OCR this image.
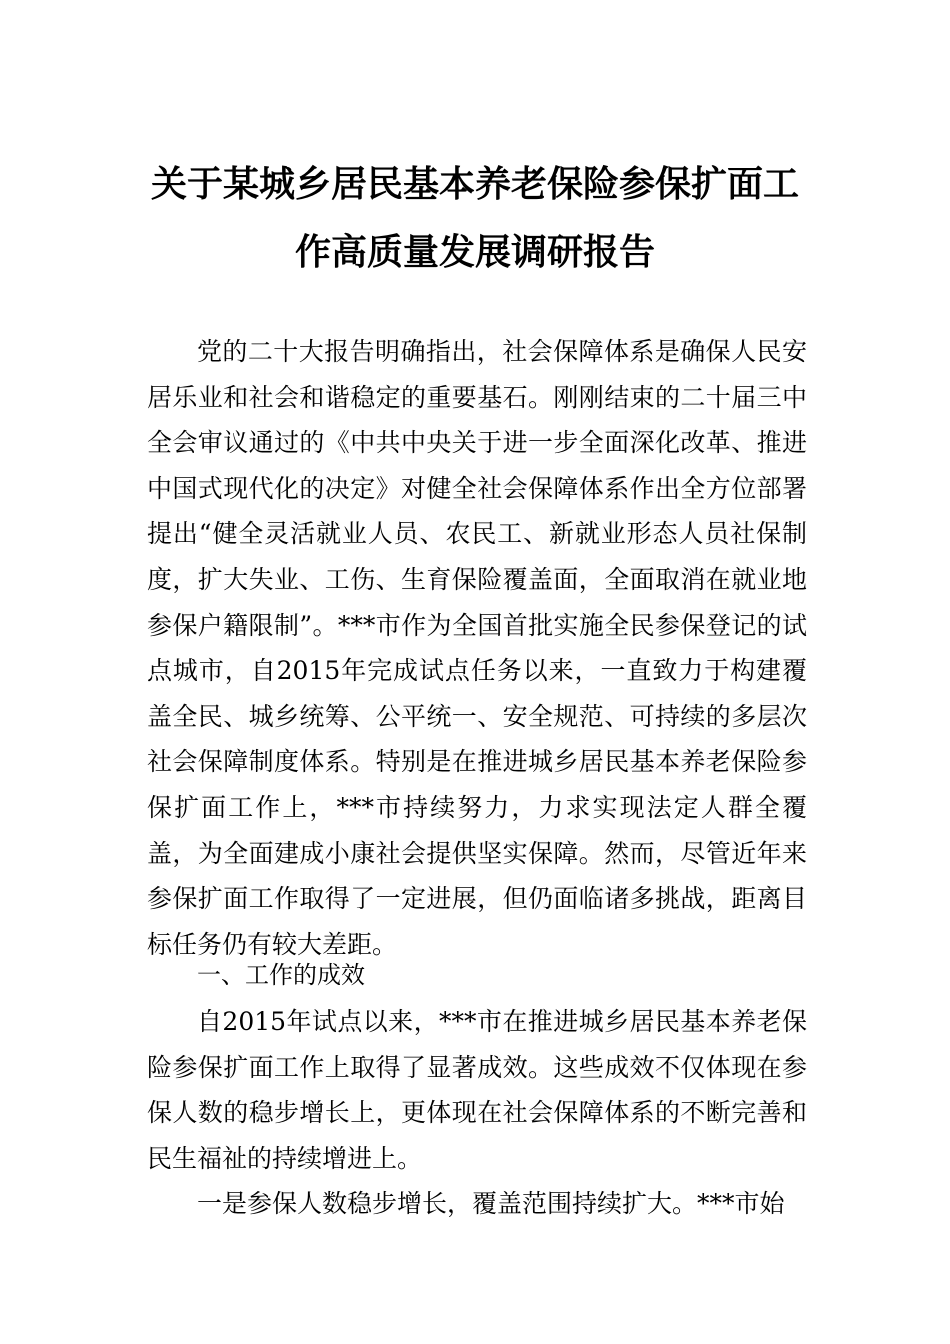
关于某城乡居民基本养老保险参保扩面工
作高质量发展调研报告
党的二十大报告明确指出，社会保障体系是确保人民安居乐业和社会和谐稳定的重要基石。刚刚结束的二十届三中全会审议通过的《中共中央关于进一步全面深化改革、推进中国式现代化的决定》对健全社会保障体系作出全方位部署提出“健全灵活就业人员、农民工、新就业形态人员社保制度，扩大失业、工伤、生育保险覆盖面，全面取消在就业地参保户籍限制”。***市作为全国首批实施全民参保登记的试点城市，自2015年完成试点任务以来，一直致力于构建覆盖全民、城乡统筹、公平统一、安全规范、可持续的多层次社会保障制度体系。特别是在推进城乡居民基本养老保险参保扩面工作上，***市持续努力，力求实现法定人群全覆盖，为全面建成小康社会提供坚实保障。然而，尽管近年来参保扩面工作取得了一定进展，但仍面临诸多挑战，距离目标任务仍有较大差距。
一、工作的成效
自2015年试点以来，***市在推进城乡居民基本养老保险参保扩面工作上取得了显著成效。这些成效不仅体现在参保人数的稳步增长上，更体现在社会保障体系的不断完善和民生福祉的持续增进上。
一是参保人数稳步增长，覆盖范围持续扩大。***市始
